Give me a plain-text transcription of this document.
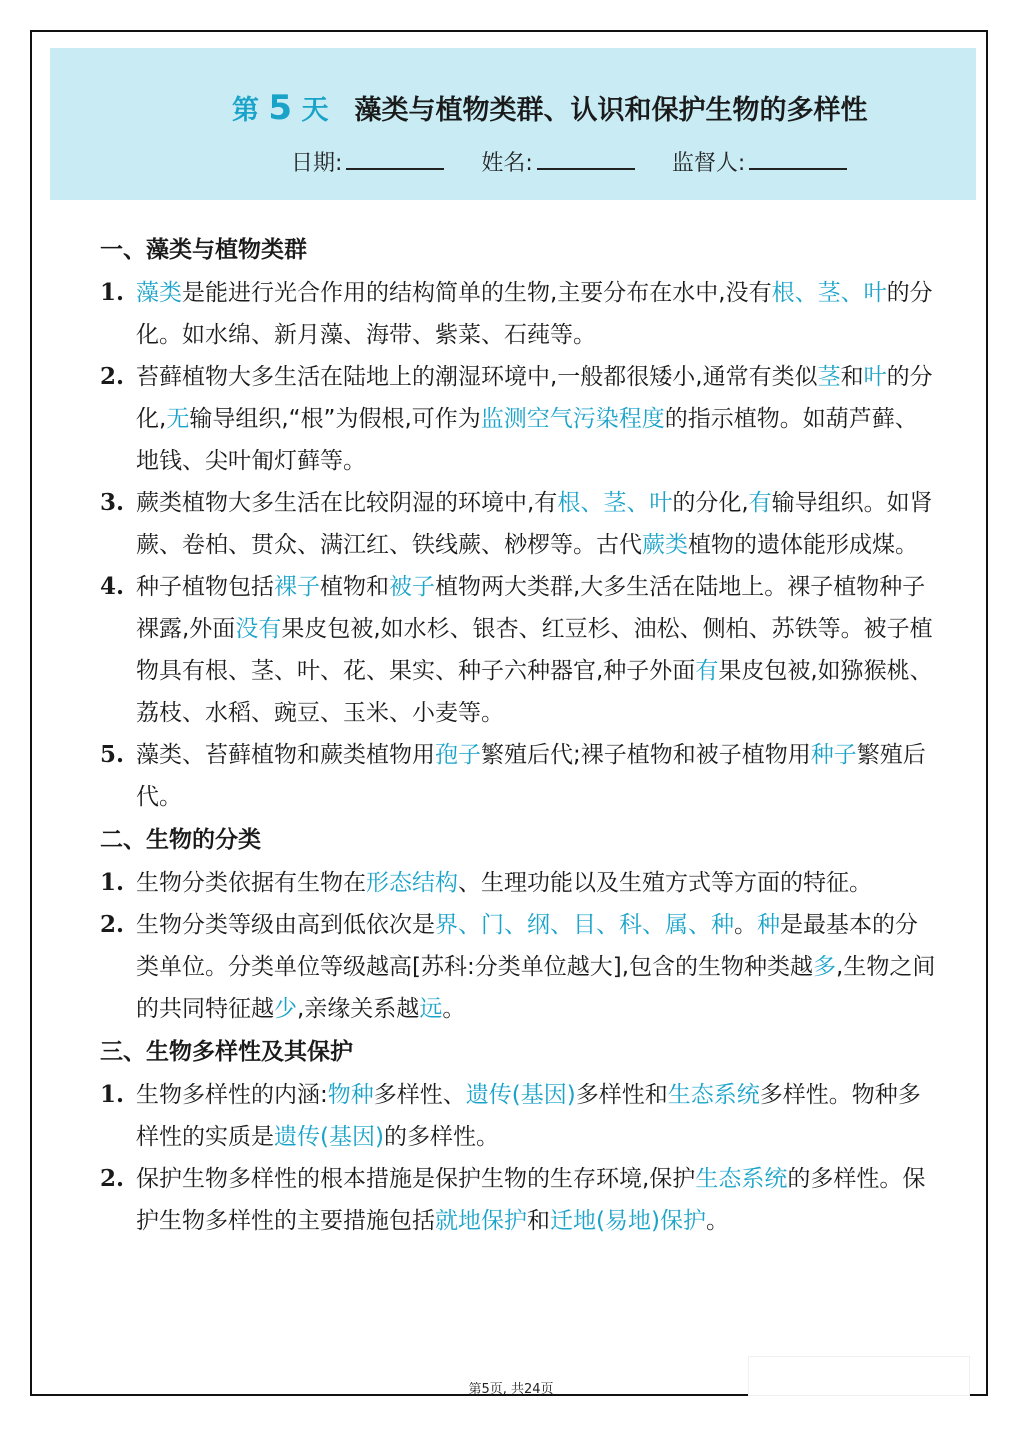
第 5 天 藻类与植物类群、认识和保护生物的多样性
日期:	姓名:	监督人:
一、藻类与植物类群
1. 藻类是能进行光合作用的结构简单的生物,主要分布在水中,没有根、茎、叶的分化。如水绵、新月藻、海带、紫菜、石莼等。
2. 苔藓植物大多生活在陆地上的潮湿环境中,一般都很矮小,通常有类似茎和叶的分化,无输导组织,“根”为假根,可作为监测空气污染程度的指示植物。如葫芦藓、地钱、尖叶匍灯藓等。
3. 蕨类植物大多生活在比较阴湿的环境中,有根、茎、叶的分化,有输导组织。如肾蕨、卷柏、贯众、满江红、铁线蕨、桫椤等。古代蕨类植物的遗体能形成煤。
4. 种子植物包括裸子植物和被子植物两大类群,大多生活在陆地上。裸子植物种子裸露,外面没有果皮包被,如水杉、银杏、红豆杉、油松、侧柏、苏铁等。被子植物具有根、茎、叶、花、果实、种子六种器官,种子外面有果皮包被,如猕猴桃、荔枝、水稻、豌豆、玉米、小麦等。
5. 藻类、苔藓植物和蕨类植物用孢子繁殖后代;裸子植物和被子植物用种子繁殖后代。
二、生物的分类
1. 生物分类依据有生物在形态结构、生理功能以及生殖方式等方面的特征。
2. 生物分类等级由高到低依次是界、门、纲、目、科、属、种。种是最基本的分类单位。分类单位等级越高[苏科:分类单位越大],包含的生物种类越多,生物之间的共同特征越少,亲缘关系越远。
三、生物多样性及其保护
1. 生物多样性的内涵:物种多样性、遗传(基因)多样性和生态系统多样性。物种多样性的实质是遗传(基因)的多样性。
2. 保护生物多样性的根本措施是保护生物的生存环境,保护生态系统的多样性。保护生物多样性的主要措施包括就地保护和迁地(易地)保护。
第5页, 共24页
